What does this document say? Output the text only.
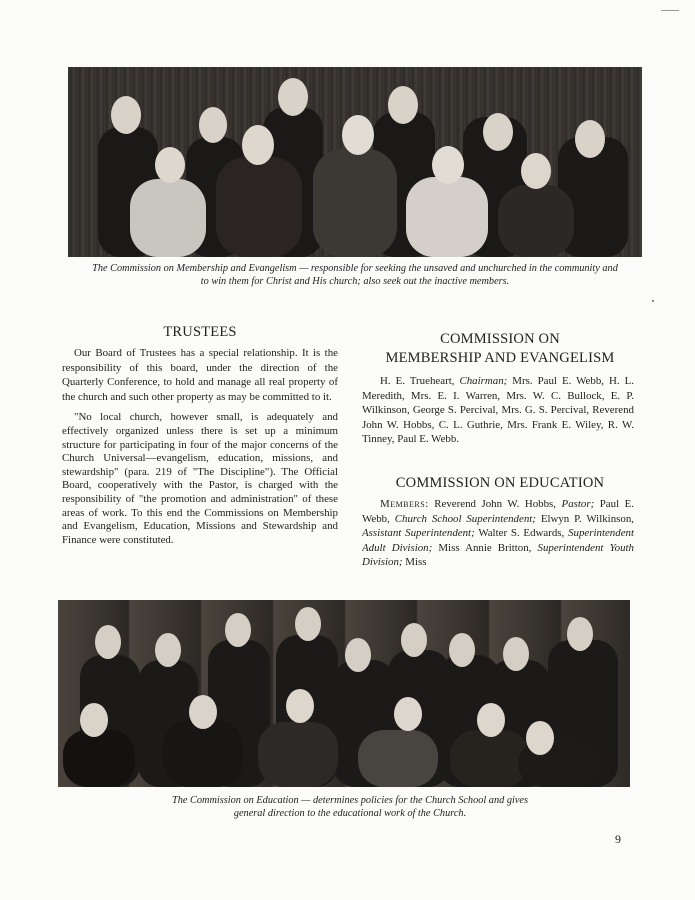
The Commission on Membership and Evangelism — responsible for seeking the unsaved and unchurched in the community and to win them for Christ and His church; also seek out the inactive members.
TRUSTEES

Our Board of Trustees has a special relationship. It is the responsibility of this board, under the direction of the Quarterly Conference, to hold and manage all real property of the church and such other property as may be committed to it.

"No local church, however small, is adequately and effectively organized unless there is set up a minimum structure for participating in four of the major concerns of the Church Universal—evangelism, education, missions, and stewardship" (para. 219 of "The Discipline"). The Official Board, cooperatively with the Pastor, is charged with the responsibility of "the promotion and administration" of these areas of work. To this end the Commissions on Membership and Evangelism, Education, Missions and Stewardship and Finance were constituted.

COMMISSION ON
MEMBERSHIP AND EVANGELISM

H. E. Trueheart, Chairman; Mrs. Paul E. Webb, H. L. Meredith, Mrs. E. I. Warren, Mrs. W. C. Bullock, E. P. Wilkinson, George S. Percival, Mrs. G. S. Percival, Reverend John W. Hobbs, C. L. Guthrie, Mrs. Frank E. Wiley, R. W. Tinney, Paul E. Webb.

COMMISSION ON EDUCATION

Members: Reverend John W. Hobbs, Pastor; Paul E. Webb, Church School Superintendent; Elwyn P. Wilkinson, Assistant Superintendent; Walter S. Edwards, Superintendent Adult Division; Miss Annie Britton, Superintendent Youth Division; Miss

The Commission on Education — determines policies for the Church School and gives
general direction to the educational work of the Church.
9
